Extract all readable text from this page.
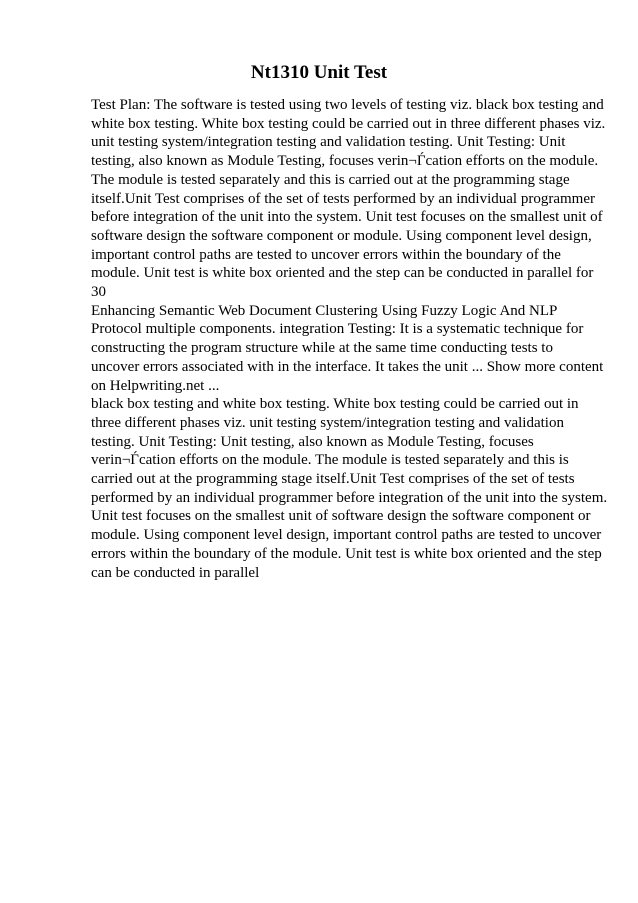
Nt1310 Unit Test
Test Plan: The software is tested using two levels of testing viz. black box testing and
white box testing. White box testing could be carried out in three different phases viz.
unit testing system/integration testing and validation testing. Unit Testing: Unit
testing, also known as Module Testing, focuses verin¬Ѓcation efforts on the module.
The module is tested separately and this is carried out at the programming stage
itself.Unit Test comprises of the set of tests performed by an individual programmer
before integration of the unit into the system. Unit test focuses on the smallest unit of
software design the software component or module. Using component level design,
important control paths are tested to uncover errors within the boundary of the
module. Unit test is white box oriented and the step can be conducted in parallel for
30
Enhancing Semantic Web Document Clustering Using Fuzzy Logic And NLP
Protocol multiple components. integration Testing: It is a systematic technique for
constructing the program structure while at the same time conducting tests to
uncover errors associated with in the interface. It takes the unit ... Show more content
on Helpwriting.net ...
black box testing and white box testing. White box testing could be carried out in
three different phases viz. unit testing system/integration testing and validation
testing. Unit Testing: Unit testing, also known as Module Testing, focuses
verin¬Ѓcation efforts on the module. The module is tested separately and this is
carried out at the programming stage itself.Unit Test comprises of the set of tests
performed by an individual programmer before integration of the unit into the system.
Unit test focuses on the smallest unit of software design the software component or
module. Using component level design, important control paths are tested to uncover
errors within the boundary of the module. Unit test is white box oriented and the step
can be conducted in parallel
